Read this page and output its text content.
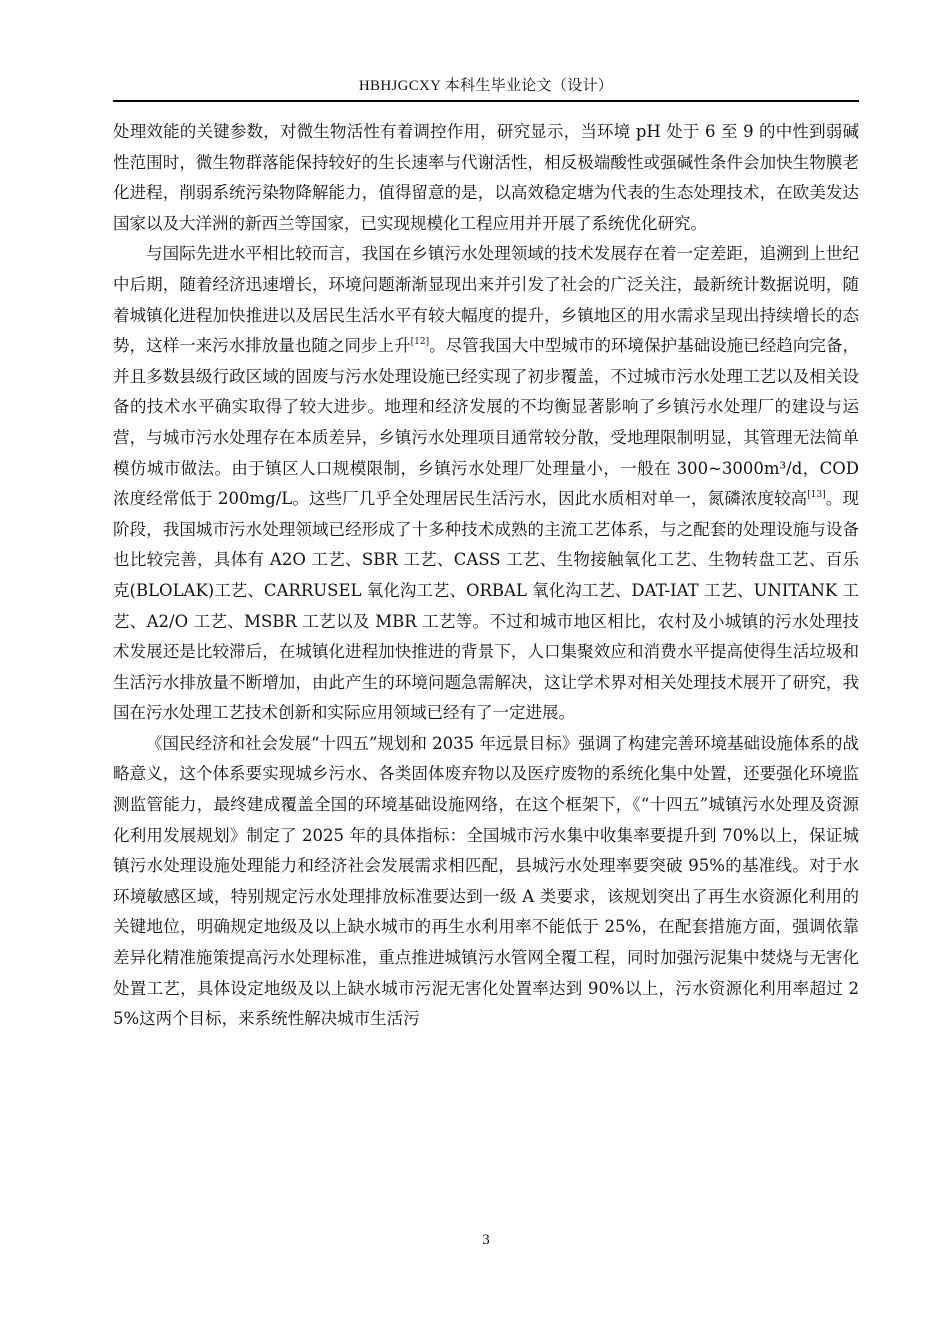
HBHJGCXY 本科生毕业论文（设计）

处理效能的关键参数，对微生物活性有着调控作用，研究显示，当环境 pH 处于 6 至 9 的中性到弱碱性范围时，微生物群落能保持较好的生长速率与代谢活性，相反极端酸性或强碱性条件会加快生物膜老化进程，削弱系统污染物降解能力，值得留意的是，以高效稳定塘为代表的生态处理技术，在欧美发达国家以及大洋洲的新西兰等国家，已实现规模化工程应用并开展了系统优化研究。

与国际先进水平相比较而言，我国在乡镇污水处理领域的技术发展存在着一定差距，追溯到上世纪中后期，随着经济迅速增长，环境问题渐渐显现出来并引发了社会的广泛关注，最新统计数据说明，随着城镇化进程加快推进以及居民生活水平有较大幅度的提升，乡镇地区的用水需求呈现出持续增长的态势，这样一来污水排放量也随之同步上升[12]。尽管我国大中型城市的环境保护基础设施已经趋向完备，并且多数县级行政区域的固废与污水处理设施已经实现了初步覆盖，不过城市污水处理工艺以及相关设备的技术水平确实取得了较大进步。地理和经济发展的不均衡显著影响了乡镇污水处理厂的建设与运营，与城市污水处理存在本质差异，乡镇污水处理项目通常较分散，受地理限制明显，其管理无法简单模仿城市做法。由于镇区人口规模限制，乡镇污水处理厂处理量小，一般在 300~3000m³/d，COD 浓度经常低于 200mg/L。这些厂几乎全处理居民生活污水，因此水质相对单一，氮磷浓度较高[13]。现阶段，我国城市污水处理领域已经形成了十多种技术成熟的主流工艺体系，与之配套的处理设施与设备也比较完善，具体有 A2O 工艺、SBR 工艺、CASS 工艺、生物接触氧化工艺、生物转盘工艺、百乐克(BLOLAK)工艺、CARRUSEL 氧化沟工艺、ORBAL 氧化沟工艺、DAT-IAT 工艺、UNITANK 工艺、A2/O 工艺、MSBR 工艺以及 MBR 工艺等。不过和城市地区相比，农村及小城镇的污水处理技术发展还是比较滞后，在城镇化进程加快推进的背景下，人口集聚效应和消费水平提高使得生活垃圾和生活污水排放量不断增加，由此产生的环境问题急需解决，这让学术界对相关处理技术展开了研究，我国在污水处理工艺技术创新和实际应用领域已经有了一定进展。

《国民经济和社会发展“十四五”规划和 2035 年远景目标》强调了构建完善环境基础设施体系的战略意义，这个体系要实现城乡污水、各类固体废弃物以及医疗废物的系统化集中处置，还要强化环境监测监管能力，最终建成覆盖全国的环境基础设施网络，在这个框架下，《“十四五”城镇污水处理及资源化利用发展规划》制定了 2025 年的具体指标：全国城市污水集中收集率要提升到 70%以上，保证城镇污水处理设施处理能力和经济社会发展需求相匹配，县城污水处理率要突破 95%的基准线。对于水环境敏感区域，特别规定污水处理排放标准要达到一级 A 类要求，该规划突出了再生水资源化利用的关键地位，明确规定地级及以上缺水城市的再生水利用率不能低于 25%，在配套措施方面，强调依靠差异化精准施策提高污水处理标准，重点推进城镇污水管网全覆工程，同时加强污泥集中焚烧与无害化处置工艺，具体设定地级及以上缺水城市污泥无害化处置率达到 90%以上，污水资源化利用率超过 25%这两个目标，来系统性解决城市生活污

3
